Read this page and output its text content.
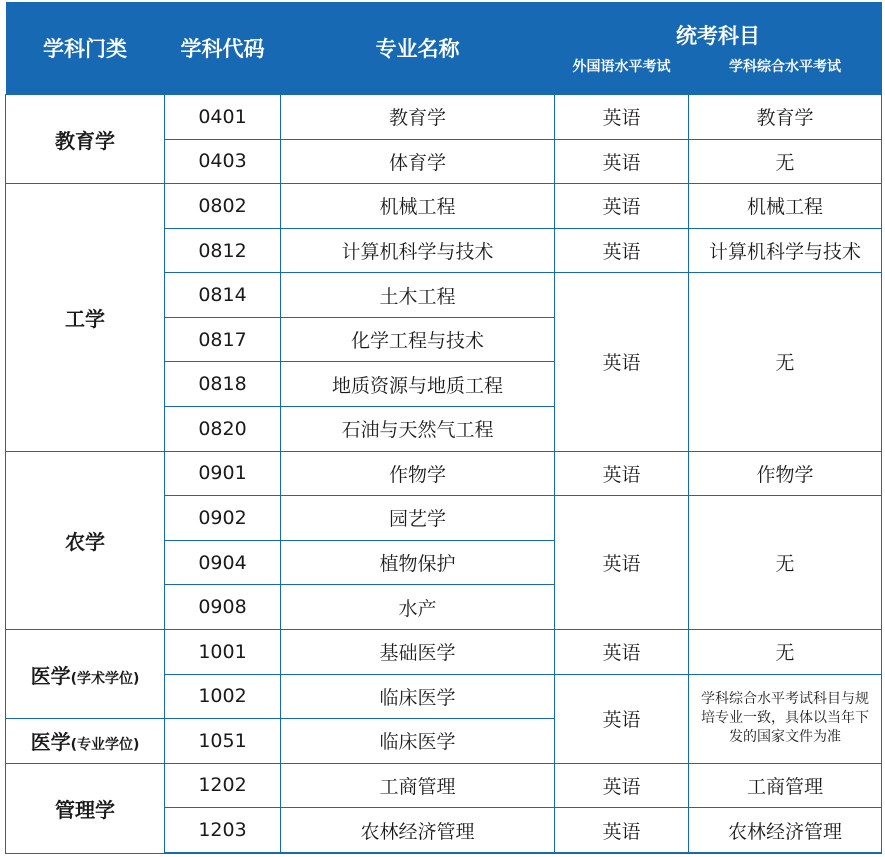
学科门类	学科代码	专业名称	统考科目	
			外国语水平考试	学科综合水平考试
教育学	0401	教育学	英语	教育学
	0403	体育学	英语	无
工学	0802	机械工程	英语	机械工程
	0812	计算机科学与技术	英语	计算机科学与技术
	0814	土木工程	英语	无
	0817	化学工程与技术		
	0818	地质资源与地质工程		
	0820	石油与天然气工程		
农学	0901	作物学	英语	作物学
	0902	园艺学	英语	无
	0904	植物保护		
	0908	水产		
医学(学术学位)	1001	基础医学	英语	无
	1002	临床医学	英语	学科综合水平考试科目与规培专业一致，具体以当年下发的国家文件为准
医学(专业学位)	1051	临床医学		
管理学	1202	工商管理	英语	工商管理
	1203	农林经济管理	英语	农林经济管理
